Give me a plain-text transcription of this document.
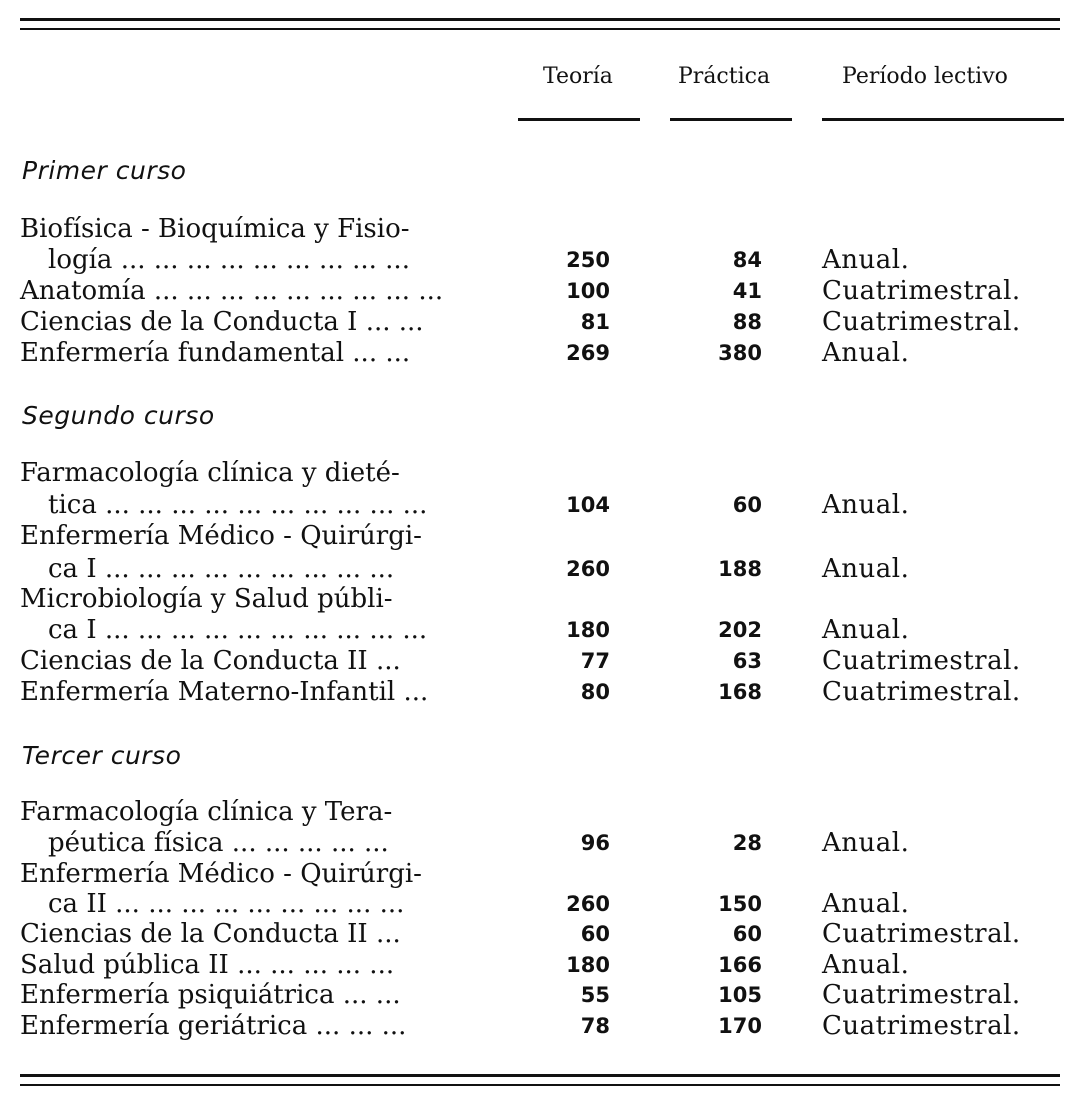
Teoría	Práctica	Período lectivo
Primer curso
Biofísica - Bioquímica y Fisio-
logía ... ... ... ... ... ... ... ... ...	250	84 Anual.
Anatomía ... ... ... ... ... ... ... ... ...	100	41 Cuatrimestral.
Ciencias de la Conducta I ... ...	81	88 Cuatrimestral.
Enfermería fundamental ... ...	269	380 Anual.
Segundo curso
Farmacología clínica y dieté-
tica ... ... ... ... ... ... ... ... ... ...	104	60 Anual.
Enfermería Médico - Quirúrgi-
ca I ... ... ... ... ... ... ... ... ...	260	188 Anual.
Microbiología y Salud públi-
ca I ... ... ... ... ... ... ... ... ... ...	180	202 Anual.
Ciencias de la Conducta II ...	77	63 Cuatrimestral.
Enfermería Materno-Infantil ...	80	168 Cuatrimestral.
Tercer curso
Farmacología clínica y Tera-
péutica física ... ... ... ... ...	96	28 Anual.
Enfermería Médico - Quirúrgi-
ca II ... ... ... ... ... ... ... ... ...	260	150 Anual.
Ciencias de la Conducta II ...	60	60 Cuatrimestral.
Salud pública II ... ... ... ... ...	180	166 Anual.
Enfermería psiquiátrica ... ...	55	105 Cuatrimestral.
Enfermería geriátrica ... ... ...	78	170 Cuatrimestral.
